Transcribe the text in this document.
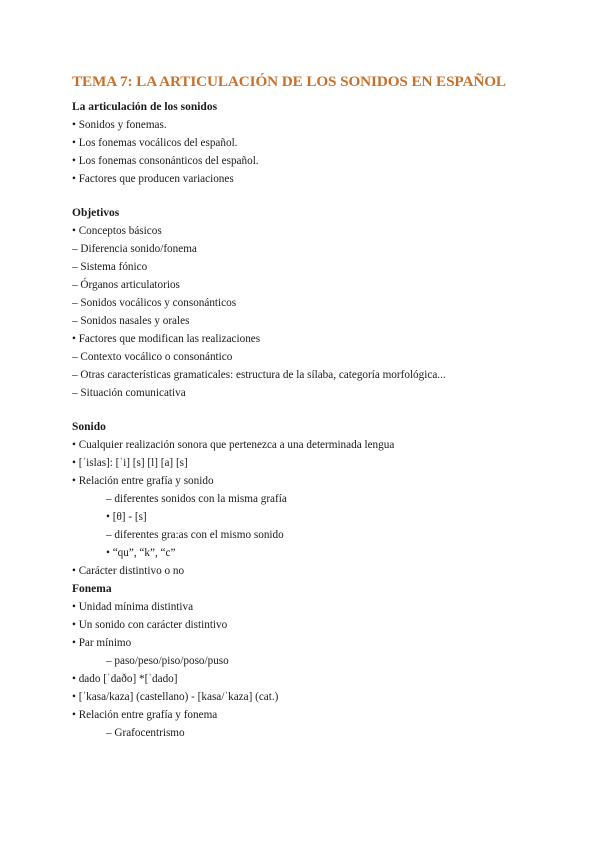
TEMA 7: LA ARTICULACIÓN DE LOS SONIDOS EN ESPAÑOL
La articulación de los sonidos
• Sonidos y fonemas.
• Los fonemas vocálicos del español.
• Los fonemas consonánticos del español.
• Factores que producen variaciones
Objetivos
• Conceptos básicos
– Diferencia sonido/fonema
– Sistema fónico
– Órganos articulatorios
– Sonidos vocálicos y consonánticos
– Sonidos nasales y orales
• Factores que modifican las realizaciones
– Contexto vocálico o consonántico
– Otras características gramaticales: estructura de la sílaba, categoría morfológica...
– Situación comunicativa
Sonido
• Cualquier realización sonora que pertenezca a una determinada lengua
• [ˈislas]: [ˈi] [s] [l] [a] [s]
• Relación entre grafía y sonido
– diferentes sonidos con la misma grafía
• [θ] - [s]
– diferentes gra:as con el mismo sonido
• “qu”, “k”, “c”
• Carácter distintivo o no
Fonema
• Unidad mínima distintiva
• Un sonido con carácter distintivo
• Par mínimo
– paso/peso/piso/poso/puso
• dado [ˈdaðo] *[ˈdado]
• [ˈkasa/kaza] (castellano) - [kasa/ˈkaza] (cat.)
• Relación entre grafía y fonema
– Grafocentrismo
